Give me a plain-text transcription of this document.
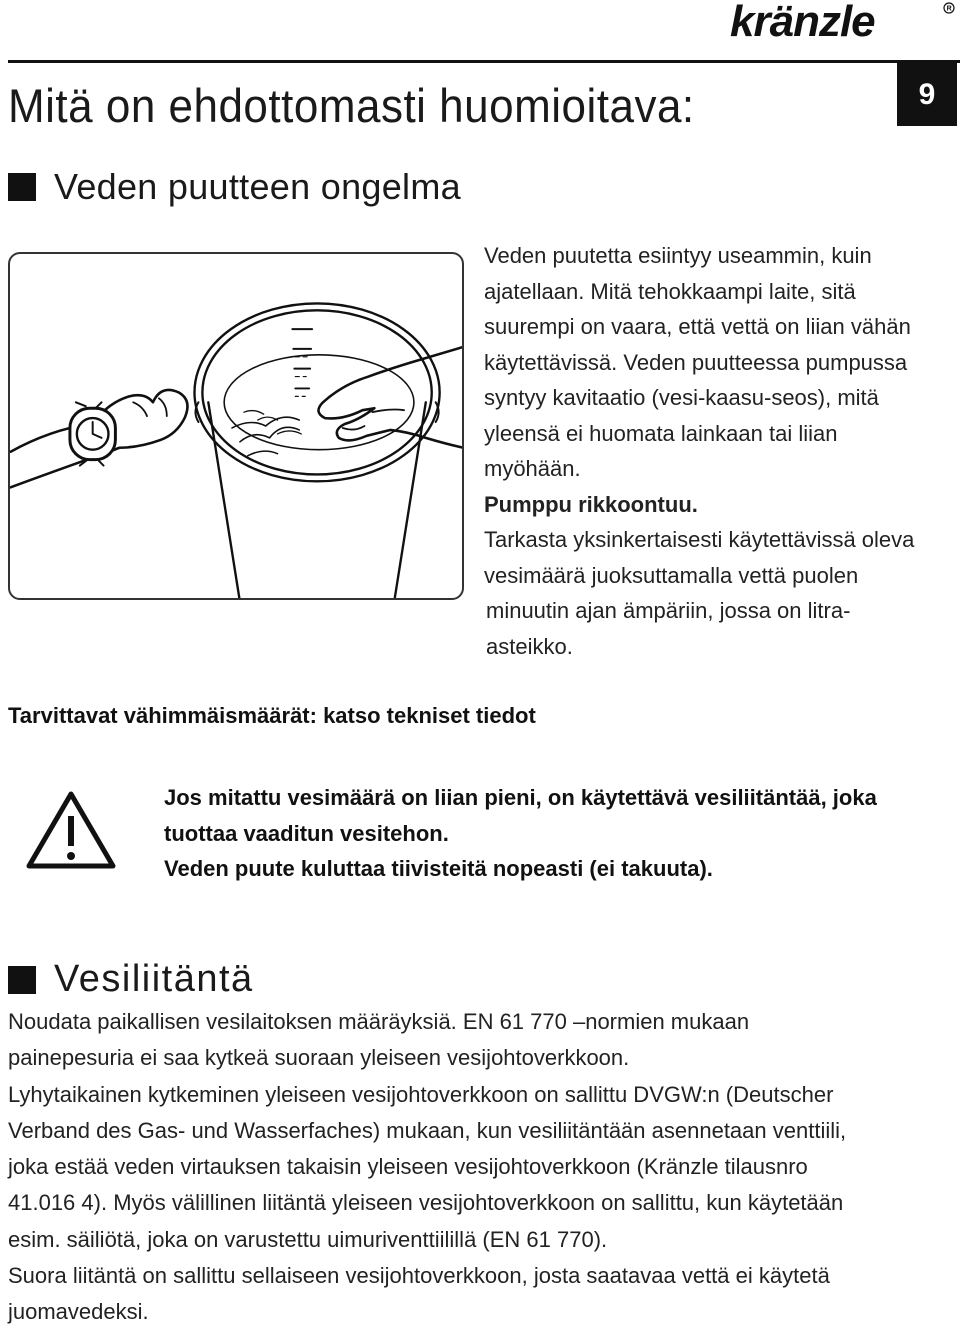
kränzle	R
9
Mitä on ehdottomasti huomioitava:
Veden puutteen ongelma

Veden puutetta esiintyy useammin, kuin

ajatellaan. Mitä tehokkaampi laite, sitä

suurempi on vaara, että vettä on liian vähän

käytettävissä. Veden puutteessa pumpussa

syntyy kavitaatio (vesi-kaasu-seos), mitä

yleensä ei huomata lainkaan tai liian

myöhään.

Pumppu rikkoontuu.

Tarkasta yksinkertaisesti käytettävissä oleva

vesimäärä juoksuttamalla vettä puolen

minuutin ajan ämpäriin, jossa on litra-

asteikko.

Tarvittavat vähimmäismäärät: katso tekniset tiedot

Jos mitattu vesimäärä on liian pieni, on käytettävä vesiliitäntää, joka

tuottaa vaaditun vesitehon.

Veden puute kuluttaa tiivisteitä nopeasti (ei takuuta).

Vesiliitäntä

Noudata paikallisen vesilaitoksen määräyksiä. EN 61 770 –normien mukaan

painepesuria ei saa kytkeä suoraan yleiseen vesijohtoverkkoon.

Lyhytaikainen kytkeminen yleiseen vesijohtoverkkoon on sallittu DVGW:n (Deutscher

Verband des Gas- und Wasserfaches) mukaan, kun vesiliitäntään asennetaan venttiili,

joka estää veden virtauksen takaisin yleiseen vesijohtoverkkoon (Kränzle tilausnro

41.016 4). Myös välillinen liitäntä yleiseen vesijohtoverkkoon on sallittu, kun käytetään

esim. säiliötä, joka on varustettu uimuriventtiilillä (EN 61 770).

Suora liitäntä on sallittu sellaiseen vesijohtoverkkoon, josta saatavaa vettä ei käytetä

juomavedeksi.
